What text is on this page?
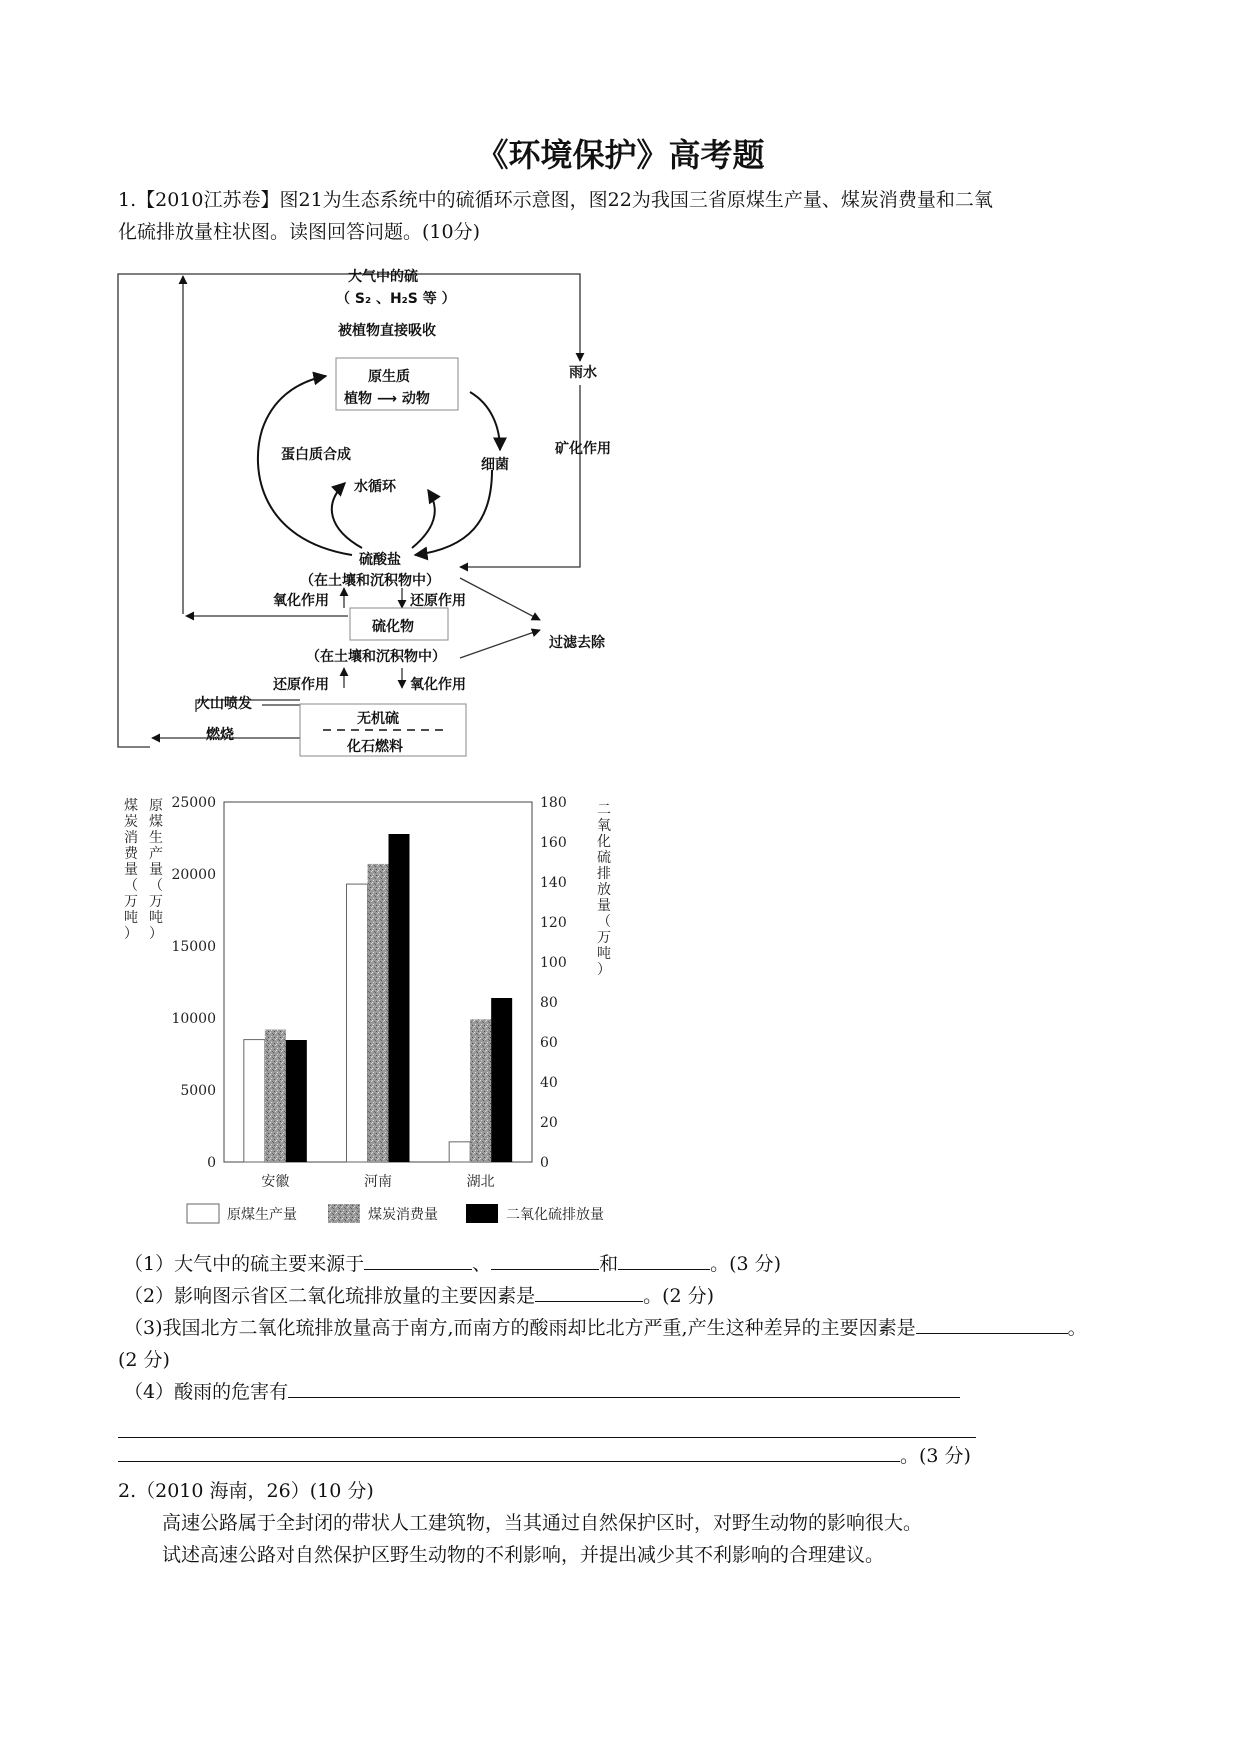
《环境保护》高考题
1.【2010江苏卷】图21为生态系统中的硫循环示意图，图22为我国三省原煤生产量、煤炭消费量和二氧
化硫排放量柱状图。读图回答问题。(10分)
大气中的硫
（ S₂ 、H₂S 等 ）
被植物直接吸收
原生质
植物 ⟶ 动物
雨水
矿化作用
蛋白质合成
细菌
水循环
硫酸盐
（在土壤和沉积物中）
氧化作用	还原作用
硫化物
（在土壤和沉积物中）
过滤去除
还原作用	氧化作用
火山喷发
燃烧
无机硫
化石燃料
25000
20000
15000
10000
5000
0
180
160
140
120
100
80
60
40
20
0
安徽	河南	湖北
原
煤
生
产
量
（
万
吨
）
煤
炭
消
费
量
（
万
吨
）
二
氧
化
硫
排
放
量
（
万
吨
）
原煤生产量	煤炭消费量	二氧化硫排放量
（1）大气中的硫主要来源于	、	和	。(3 分)
（2）影响图示省区二氧化琉排放量的主要因素是	。(2 分)
（3)我国北方二氧化琉排放量高于南方,而南方的酸雨却比北方严重,产生这种差异的主要因素是	。
(2 分)
（4）酸雨的危害有
。(3 分)
2.（2010 海南，26）(10 分)
高速公路属于全封闭的带状人工建筑物，当其通过自然保护区时，对野生动物的影响很大。
试述高速公路对自然保护区野生动物的不利影响，并提出减少其不利影响的合理建议。
